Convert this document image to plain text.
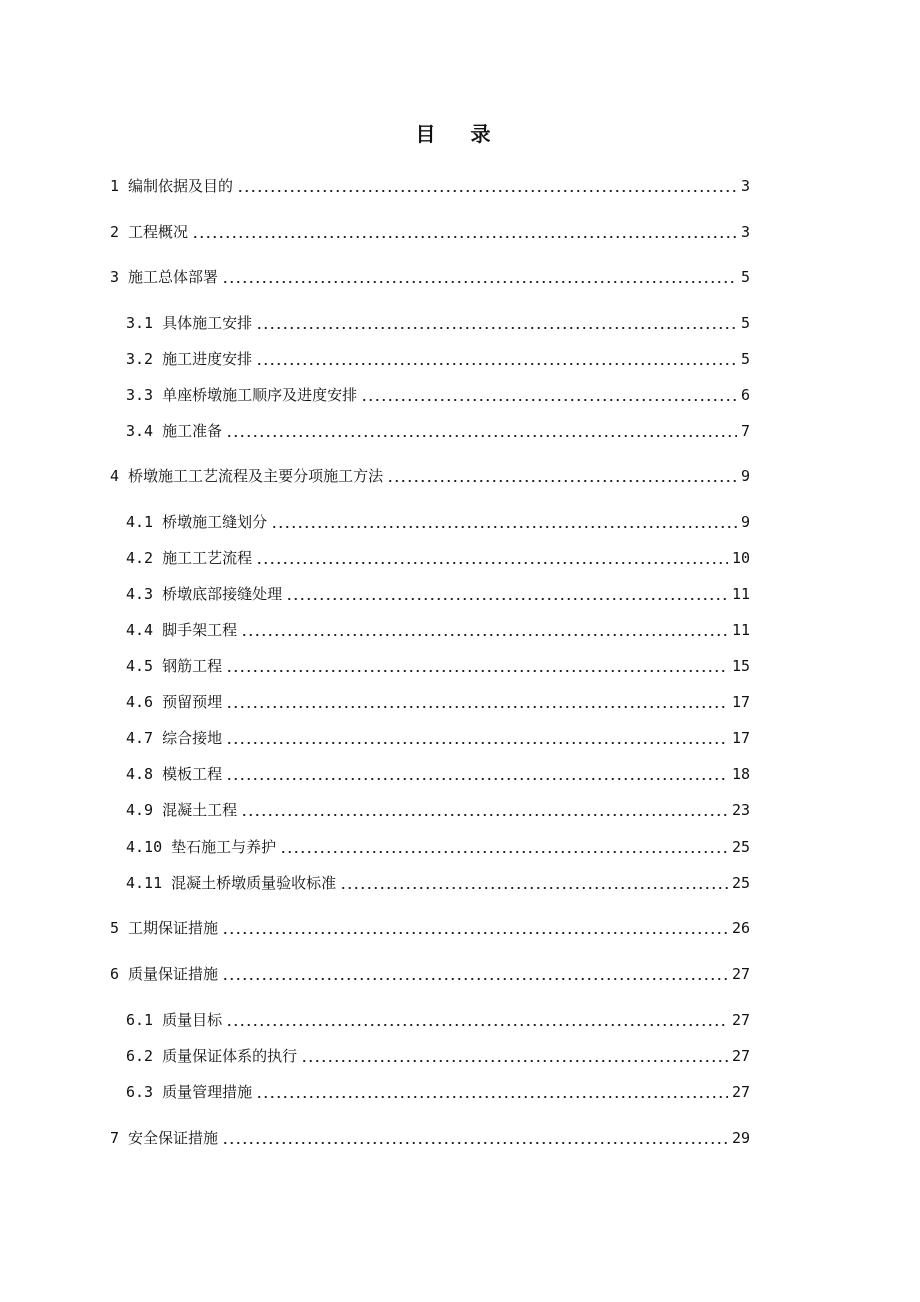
目 录
1 编制依据及目的	3
2 工程概况	3
3 施工总体部署	5
3.1 具体施工安排	5
3.2 施工进度安排	5
3.3 单座桥墩施工顺序及进度安排	6
3.4 施工准备	7
4 桥墩施工工艺流程及主要分项施工方法	9
4.1 桥墩施工缝划分	9
4.2 施工工艺流程	10
4.3 桥墩底部接缝处理	11
4.4 脚手架工程	11
4.5 钢筋工程	15
4.6 预留预埋	17
4.7 综合接地	17
4.8 模板工程	18
4.9 混凝土工程	23
4.10 垫石施工与养护	25
4.11 混凝土桥墩质量验收标准	25
5 工期保证措施	26
6 质量保证措施	27
6.1 质量目标	27
6.2 质量保证体系的执行	27
6.3 质量管理措施	27
7 安全保证措施	29
